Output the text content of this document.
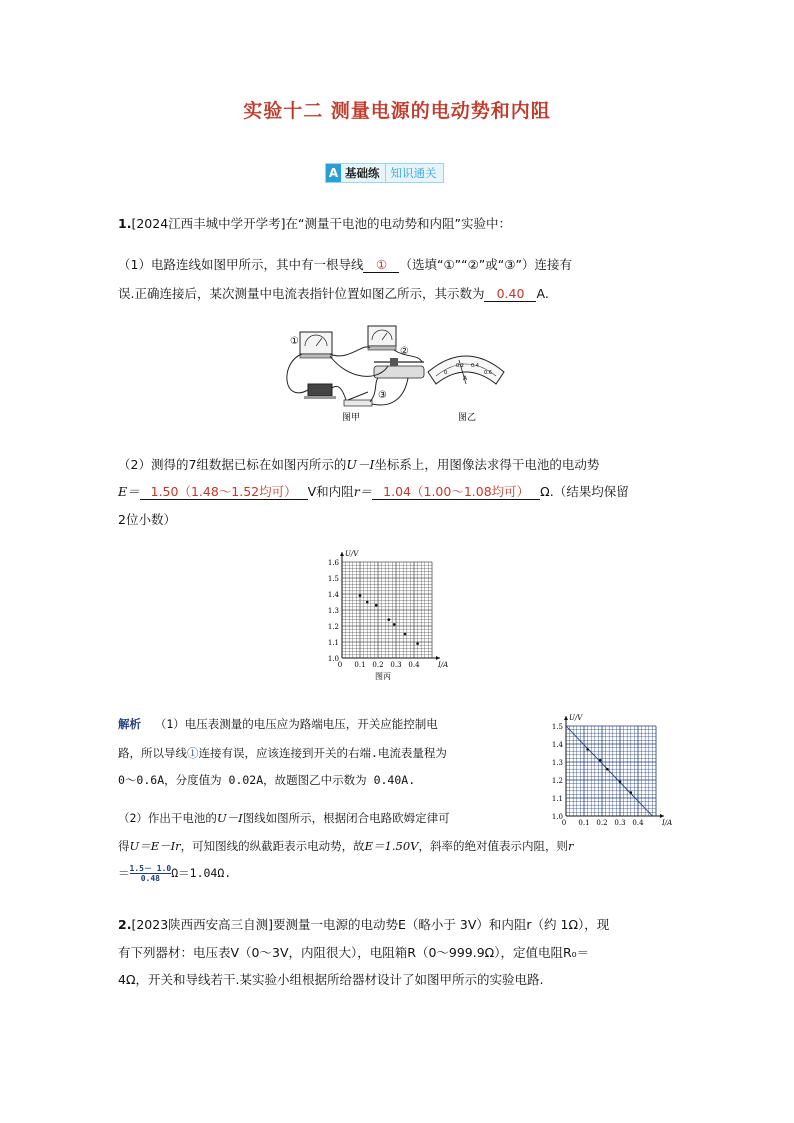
实验十二 测量电源的电动势和内阻
A 基础练 知识通关
1.[2024江西丰城中学开学考]在“测量干电池的电动势和内阻”实验中：
（1）电路连线如图甲所示，其中有一根导线 ① （选填“①”“②”或“③”）连接有
误.正确连接后，某次测量中电流表指针位置如图乙所示，其示数为 0.40 A.
①
②
③
0
0.2 0.4
0.6
A
图甲	图乙
（2）测得的7组数据已标在如图丙所示的U－I坐标系上，用图像法求得干电池的电动势
E＝ 1.50（1.48～1.52均可） V和内阻r＝ 1.04（1.00～1.08均可） Ω.（结果均保留
2位小数）
1.0
1.1
1.2
1.3
1.4
1.5
1.6
0.1 0.2 0.3 0.4
0	I/A
U/V
图丙
解析 （1）电压表测量的电压应为路端电压，开关应能控制电
路，所以导线①连接有误，应该连接到开关的右端.电流表量程为
0～0.6A，分度值为 0.02A，故题图乙中示数为 0.40A.
1.0
1.1
1.2
1.3
1.4
1.5
0.1 0.2 0.3 0.4
0	I/A
U/V
（2）作出干电池的U－I图线如图所示，根据闭合电路欧姆定律可
得U＝E－Ir，可知图线的纵截距表示电动势，故E＝1.50V，斜率的绝对值表示内阻，则r
＝ $\frac{1.5- 1.0}{0.48} \Omega=1.04\Omega$.
2.[2023陕西西安高三自测]要测量一电源的电动势E（略小于 3V）和内阻r（约 1Ω），现
有下列器材：电压表V（0～3V，内阻很大），电阻箱R（0～999.9Ω），定值电阻R₀＝
4Ω，开关和导线若干.某实验小组根据所给器材设计了如图甲所示的实验电路.
